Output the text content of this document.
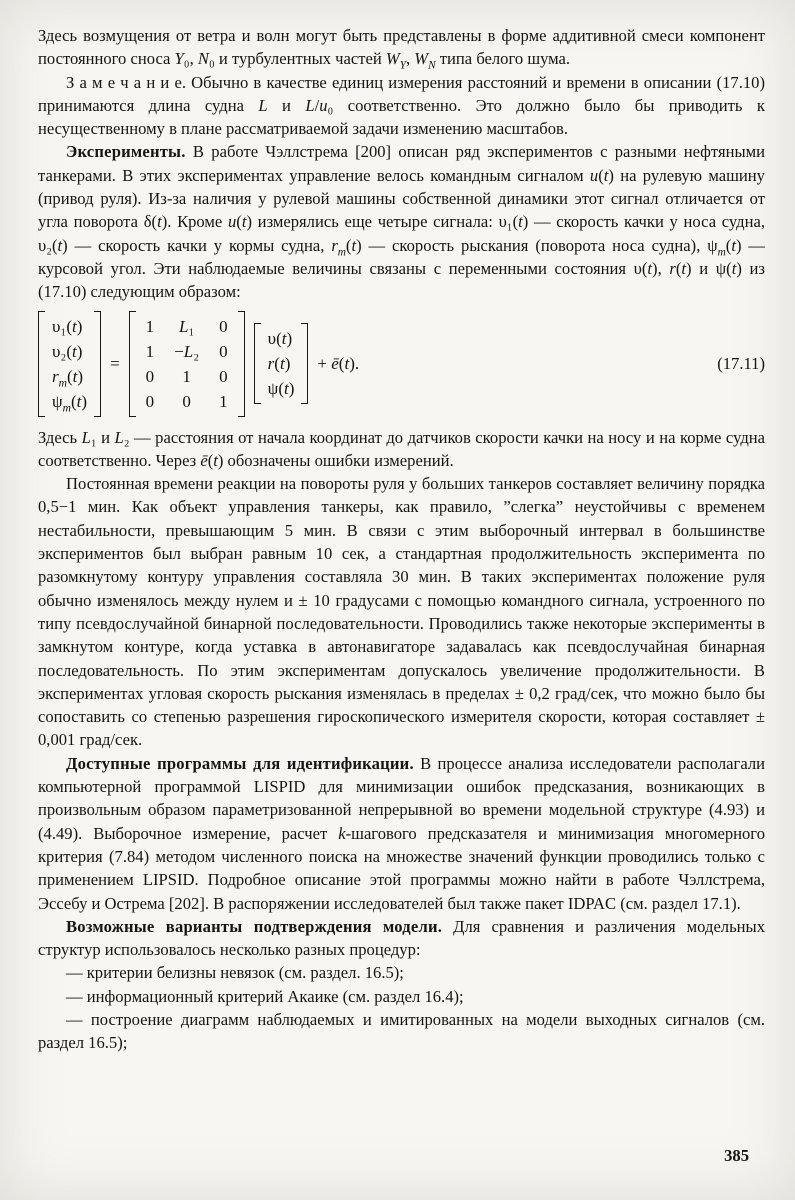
Здесь возмущения от ветра и волн могут быть представлены в форме аддитивной смеси компонент постоянного сноса Y₀, N₀ и турбулентных частей $W_Y$, $W_N$ типа белого шума.

З а м е ч а н и е. Обычно в качестве единиц измерения расстояний и времени в описании (17.10) принимаются длина судна L и L/u₀ соответственно. Это должно было бы приводить к несущественному в плане рассматриваемой задачи изменению масштабов.

Эксперименты. В работе Чэллстрема [200] описан ряд экспериментов с разными нефтяными танкерами. В этих экспериментах управление велось командным сигналом u(t) на рулевую машину (привод руля). Из-за наличия у рулевой машины собственной динамики этот сигнал отличается от угла поворота δ(t). Кроме u(t) измерялись еще четыре сигнала: υ₁(t) — скорость качки у носа судна, υ₂(t) — скорость качки у кормы судна, $r_m(t)$ — скорость рыскания (поворота носа судна), $\psi_m(t)$ — курсовой угол. Эти наблюдаемые величины связаны с переменными состояния υ(t), r(t) и ψ(t) из (17.10) следующим образом:

υ₁(t)
υ₂(t)
$r_m(t)$
$\psi_m(t)$
=
1 L₁ 0
1 −L₂ 0
0	1	0
0	0	1
υ(t)
r(t)
ψ(t)
+ ē(t).	(17.11)

Здесь L₁ и L₂ — расстояния от начала координат до датчиков скорости качки на носу и на корме судна соответственно. Через ē(t) обозначены ошибки измерений.

Постоянная времени реакции на повороты руля у больших танкеров составляет величину порядка 0,5−1 мин. Как объект управления танкеры, как правило, ”слегка” неустойчивы с временем нестабильности, превышающим 5 мин. В связи с этим выборочный интервал в большинстве экспериментов был выбран равным 10 сек, а стандартная продолжительность эксперимента по разомкнутому контуру управления составляла 30 мин. В таких экспериментах положение руля обычно изменялось между нулем и ± 10 градусами с помощью командного сигнала, устроенного по типу псевдослучайной бинарной последовательности. Проводились также некоторые эксперименты в замкнутом контуре, когда уставка в автонавигаторе задавалась как псевдослучайная бинарная последовательность. По этим экспериментам допускалось увеличение продолжительности. В экспериментах угловая скорость рыскания изменялась в пределах ± 0,2 град/сек, что можно было бы сопоставить со степенью разрешения гироскопического измерителя скорости, которая составляет ± 0,001 град/сек.

Доступные программы для идентификации. В процессе анализа исследователи располагали компьютерной программой LISPID для минимизации ошибок предсказания, возникающих в произвольным образом параметризованной непрерывной во времени модельной структуре (4.93) и (4.49). Выборочное измерение, расчет k-шагового предсказателя и минимизация многомерного критерия (7.84) методом численного поиска на множестве значений функции проводились только с применением LIPSID. Подробное описание этой программы можно найти в работе Чэллстрема, Эссебу и Острема [202]. В распоряжении исследователей был также пакет IDPAC (см. раздел 17.1).

Возможные варианты подтверждения модели. Для сравнения и различения модельных структур использовалось несколько разных процедур:

— критерии белизны невязок (см. раздел. 16.5);

— информационный критерий Акаике (см. раздел 16.4);

— построение диаграмм наблюдаемых и имитированных на модели выходных сигналов (см. раздел 16.5);

385
